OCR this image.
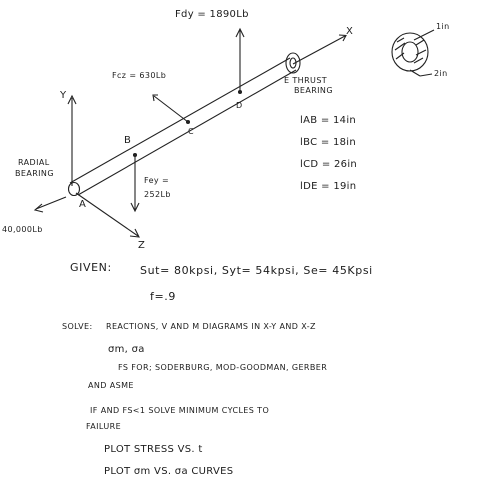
Fdy = 1890Lb
Fcz = 630Lb
Fey =
252Lb
E THRUST
BEARING
RADIAL
BEARING
40,000Lb
Y
Z
X
A
B
C
D
1in
2in
lAB = 14in
lBC = 18in
lCD = 26in
lDE = 19in
GIVEN:	Sut= 80kpsi, Syt= 54kpsi, Se= 45Kpsi
f=.9
SOLVE: REACTIONS, V AND M DIAGRAMS IN X-Y AND X-Z
σm, σa
FS FOR; SODERBURG, MOD-GOODMAN, GERBER
AND ASME
IF AND FS<1 SOLVE MINIMUM CYCLES TO
FAILURE
PLOT STRESS VS. t
PLOT σm VS. σa CURVES
